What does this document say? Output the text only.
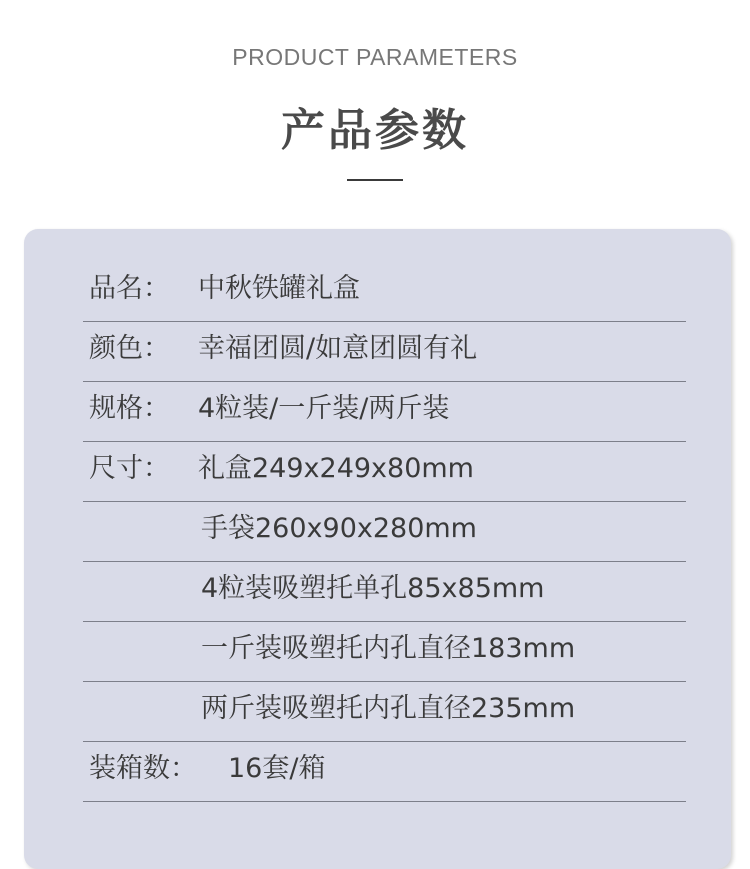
PRODUCT PARAMETERS
产品参数
品名： 中秋铁罐礼盒
颜色： 幸福团圆/如意团圆有礼
规格： 4粒装/一斤装/两斤装
尺寸： 礼盒249x249x80mm
手袋260x90x280mm
4粒装吸塑托单孔85x85mm
一斤装吸塑托内孔直径183mm
两斤装吸塑托内孔直径235mm
装箱数： 16套/箱
